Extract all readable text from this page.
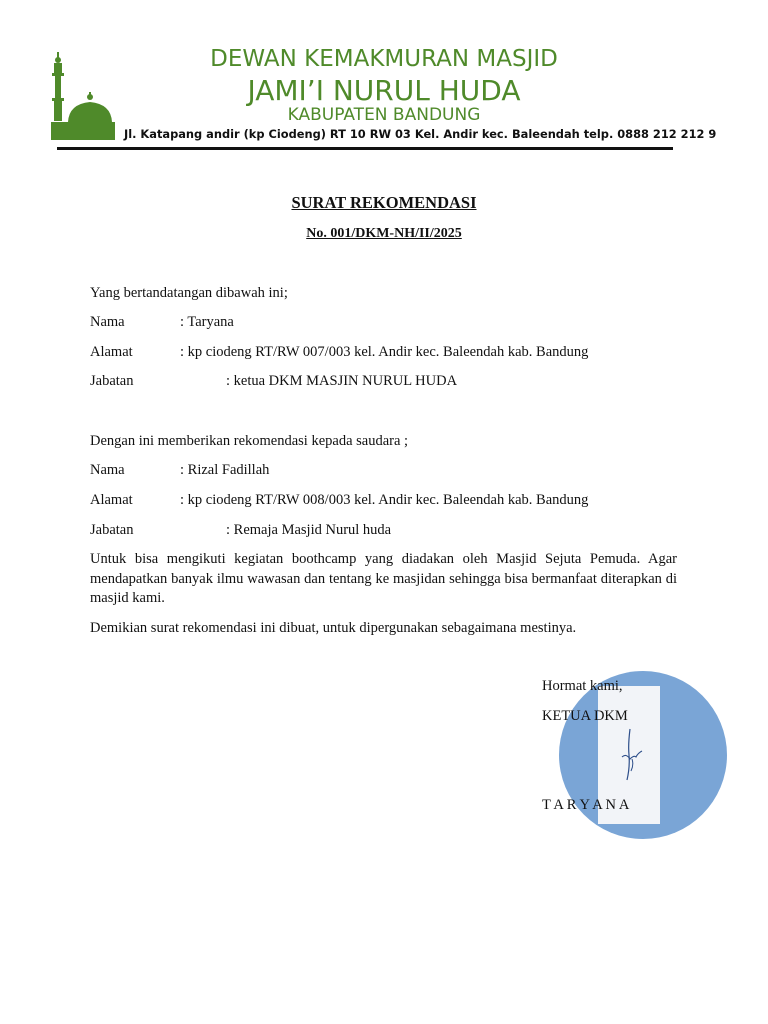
DEWAN KEMAKMURAN MASJID
JAMI’I NURUL HUDA
KABUPATEN BANDUNG
Jl. Katapang andir (kp Ciodeng) RT 10 RW 03 Kel. Andir kec. Baleendah telp. 0888 212 212 9
SURAT REKOMENDASI
No. 001/DKM-NH/II/2025
Yang bertandatangan dibawah ini;
Nama	: Taryana
Alamat	: kp ciodeng RT/RW 007/003 kel. Andir kec. Baleendah kab. Bandung
Jabatan	: ketua DKM MASJIN NURUL HUDA
Dengan ini memberikan rekomendasi kepada saudara ;
Nama	: Rizal Fadillah
Alamat	: kp ciodeng RT/RW 008/003 kel. Andir kec. Baleendah kab. Bandung
Jabatan	: Remaja Masjid Nurul huda
Untuk bisa mengikuti kegiatan boothcamp yang diadakan oleh Masjid Sejuta Pemuda. Agar mendapatkan banyak ilmu wawasan dan tentang ke masjidan sehingga bisa bermanfaat diterapkan di masjid kami.
Demikian surat rekomendasi ini dibuat, untuk dipergunakan sebagaimana mestinya.
Hormat kami,
KETUA DKM
T A R Y A N A
